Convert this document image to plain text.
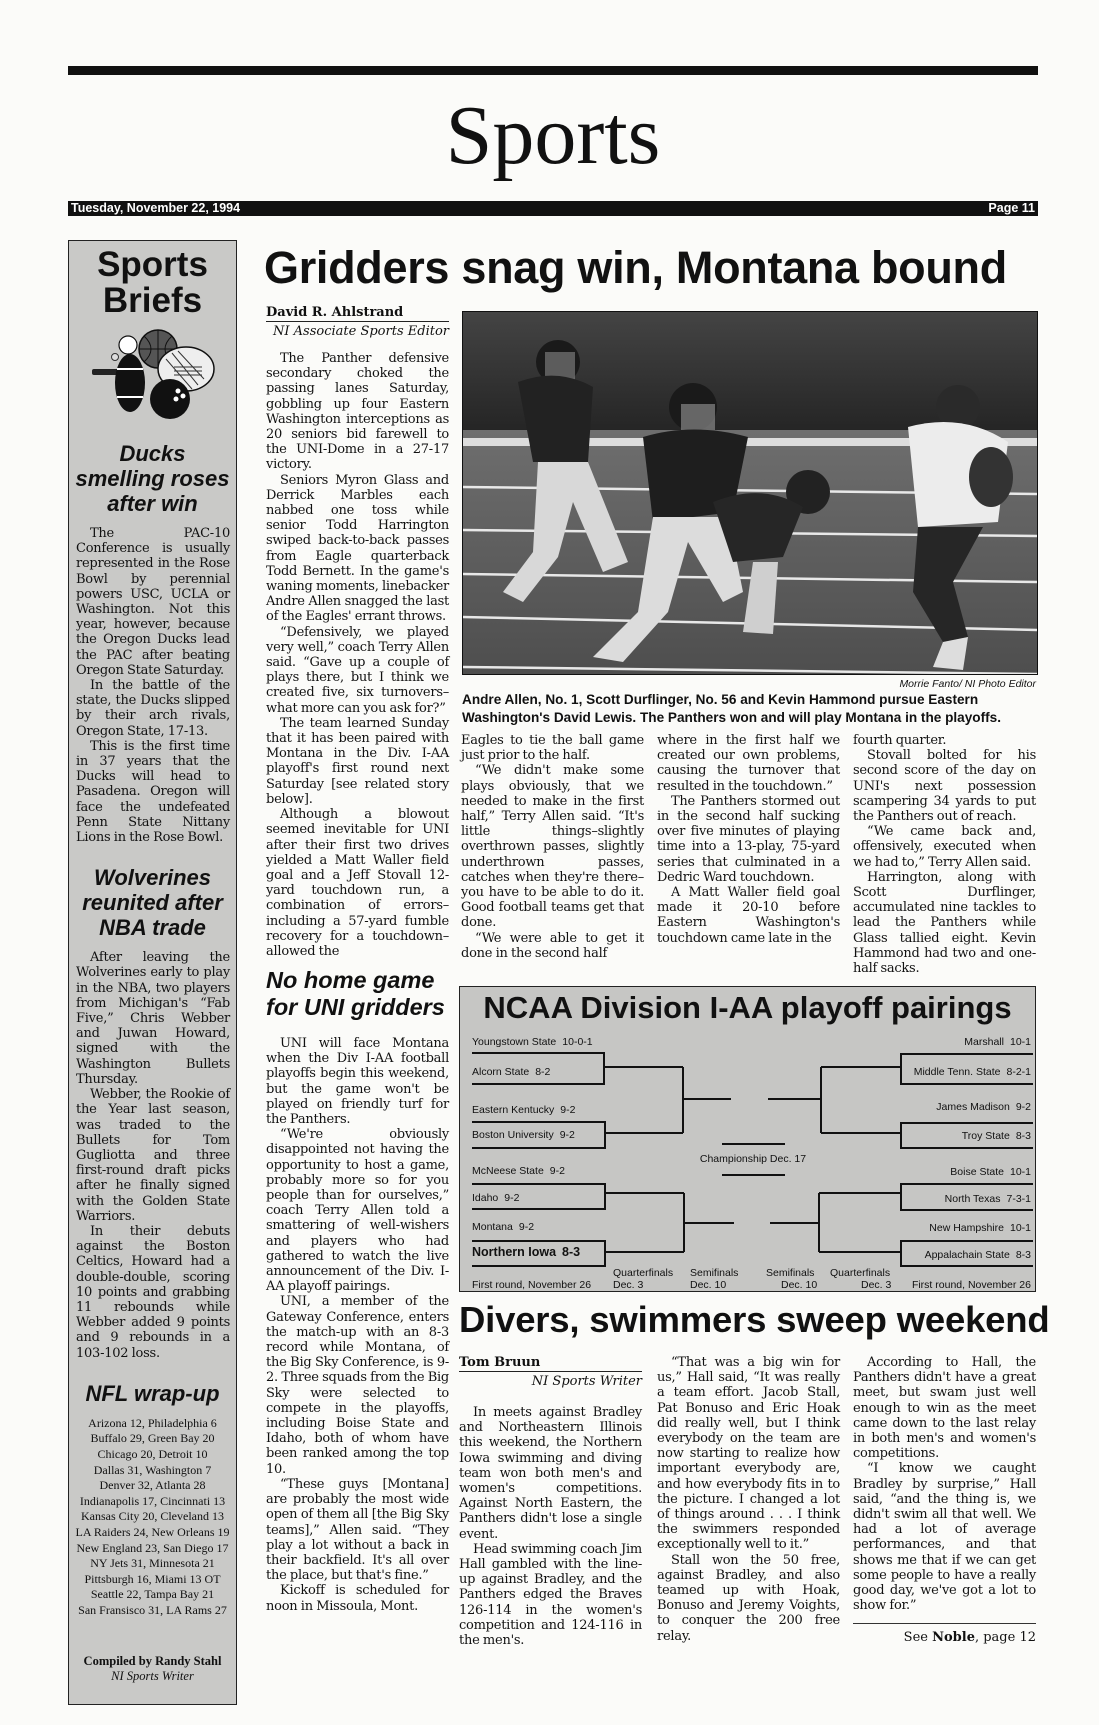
Sports
Tuesday, November 22, 1994	Page 11
Sports
Briefs
Ducks smelling roses after win

The PAC-10 Conference is usually represented in the Rose Bowl by perennial powers USC, UCLA or Washington. Not this year, however, because the Oregon Ducks lead the PAC after beating Oregon State Saturday.

In the battle of the state, the Ducks slipped by their arch rivals, Oregon State, 17-13.

This is the first time in 37 years that the Ducks will head to Pasadena. Oregon will face the undefeated Penn State Nittany Lions in the Rose Bowl.

Wolverines reunited after NBA trade

After leaving the Wolverines early to play in the NBA, two players from Michigan's “Fab Five,” Chris Webber and Juwan Howard, signed with the Washington Bullets Thursday.

Webber, the Rookie of the Year last season, was traded to the Bullets for Tom Gugliotta and three first-round draft picks after he finally signed with the Golden State Warriors.

In their debuts against the Boston Celtics, Howard had a double-double, scoring 10 points and grabbing 11 rebounds while Webber added 9 points and 9 rebounds in a 103-102 loss.

NFL wrap-up
Arizona 12, Philadelphia 6
Buffalo 29, Green Bay 20
Chicago 20, Detroit 10
Dallas 31, Washington 7
Denver 32, Atlanta 28
Indianapolis 17, Cincinnati 13
Kansas City 20, Cleveland 13
LA Raiders 24, New Orleans 19
New England 23, San Diego 17
NY Jets 31, Minnesota 21
Pittsburgh 16, Miami 13 OT
Seattle 22, Tampa Bay 21
San Fransisco 31, LA Rams 27
Compiled by Randy Stahl
NI Sports Writer
Gridders snag win, Montana bound
David R. Ahlstrand
NI Associate Sports Editor

The Panther defensive secondary choked the passing lanes Saturday, gobbling up four Eastern Washington interceptions as 20 seniors bid farewell to the UNI-Dome in a 27-17 victory.

Seniors Myron Glass and Derrick Marbles each nabbed one toss while senior Todd Harrington swiped back-to-back passes from Eagle quarterback Todd Bernett. In the game's waning moments, linebacker Andre Allen snagged the last of the Eagles' errant throws.

“Defensively, we played very well,” coach Terry Allen said. “Gave up a couple of plays there, but I think we created five, six turnovers–what more can you ask for?”

The team learned Sunday that it has been paired with Montana in the Div. I-AA playoff's first round next Saturday [see related story below].

Although a blowout seemed inevitable for UNI after their first two drives yielded a Matt Waller field goal and a Jeff Stovall 12-yard touchdown run, a combination of errors–including a 57-yard fumble recovery for a touchdown–allowed the

Morrie Fanto/ NI Photo Editor
Andre Allen, No. 1, Scott Durflinger, No. 56 and Kevin Hammond pursue Eastern Washington's David Lewis. The Panthers won and will play Montana in the playoffs.

Eagles to tie the ball game just prior to the half.

“We didn't make some plays obviously, that we needed to make in the first half,” Terry Allen said. “It's little things–slightly overthrown passes, slightly underthrown passes, catches when they're there–you have to be able to do it. Good football teams get that done.

“We were able to get it done in the second half

where in the first half we created our own problems, causing the turnover that resulted in the touchdown.”

The Panthers stormed out in the second half sucking over five minutes of playing time into a 13-play, 75-yard series that culminated in a Dedric Ward touchdown.

A Matt Waller field goal made it 20-10 before Eastern Washington's touchdown came late in the

fourth quarter.

Stovall bolted for his second score of the day on UNI's next possession scampering 34 yards to put the Panthers out of reach.

“We came back and, offensively, executed when we had to,” Terry Allen said.

Harrington, along with Scott Durflinger, accumulated nine tackles to lead the Panthers while Glass tallied eight. Kevin Hammond had two and one-half sacks.

No home game for UNI gridders

UNI will face Montana when the Div I-AA football playoffs begin this weekend, but the game won't be played on friendly turf for the Panthers.

“We're obviously disappointed not having the opportunity to host a game, probably more so for you people than for ourselves,” coach Terry Allen told a smattering of well-wishers and players who had gathered to watch the live announcement of the Div. I-AA playoff pairings.

UNI, a member of the Gateway Conference, enters the match-up with an 8-3 record while Montana, of the Big Sky Conference, is 9-2. Three squads from the Big Sky were selected to compete in the playoffs, including Boise State and Idaho, both of whom have been ranked among the top 10.

“These guys [Montana] are probably the most wide open of them all [the Big Sky teams],” Allen said. “They play a lot without a back in their backfield. It's all over the place, but that's fine.”

Kickoff is scheduled for noon in Missoula, Mont.

NCAA Division I-AA playoff pairings
Youngstown State 10-0-1
Alcorn State 8-2
Eastern Kentucky 9-2
Boston University 9-2
McNeese State 9-2
Idaho 9-2
Montana 9-2
Northern Iowa 8-3
Marshall 10-1
Middle Tenn. State 8-2-1
James Madison 9-2
Troy State 8-3
Boise State 10-1
North Texas 7-3-1
New Hampshire 10-1
Appalachain State 8-3
Championship Dec. 17
Quarterfinals Semifinals	Semifinals Quarterfinals
First round, November 26 Dec. 3	Dec. 10	Dec. 10	Dec. 3 First round, November 26
Divers, swimmers sweep weekend
Tom Bruun
NI Sports Writer

In meets against Bradley and Northeastern Illinois this weekend, the Northern Iowa swimming and diving team won both men's and women's competitions. Against North Eastern, the Panthers didn't lose a single event.

Head swimming coach Jim Hall gambled with the line-up against Bradley, and the Panthers edged the Braves 126-114 in the women's competition and 124-116 in the men's.

“That was a big win for us,” Hall said, “It was really a team effort. Jacob Stall, Pat Bonuso and Eric Hoak did really well, but I think everybody on the team are now starting to realize how important everybody are, and how everybody fits in to the picture. I changed a lot of things around . . . I think the swimmers responded exceptionally well to it.”

Stall won the 50 free, against Bradley, and also teamed up with Hoak, Bonuso and Jeremy Voights, to conquer the 200 free relay.

According to Hall, the Panthers didn't have a great meet, but swam just well enough to win as the meet came down to the last relay in both men's and women's competitions.

“I know we caught Bradley by surprise,” Hall said, “and the thing is, we didn't swim all that well. We had a lot of average performances, and that shows me that if we can get some people to have a really good day, we've got a lot to show for.”

See Noble, page 12
